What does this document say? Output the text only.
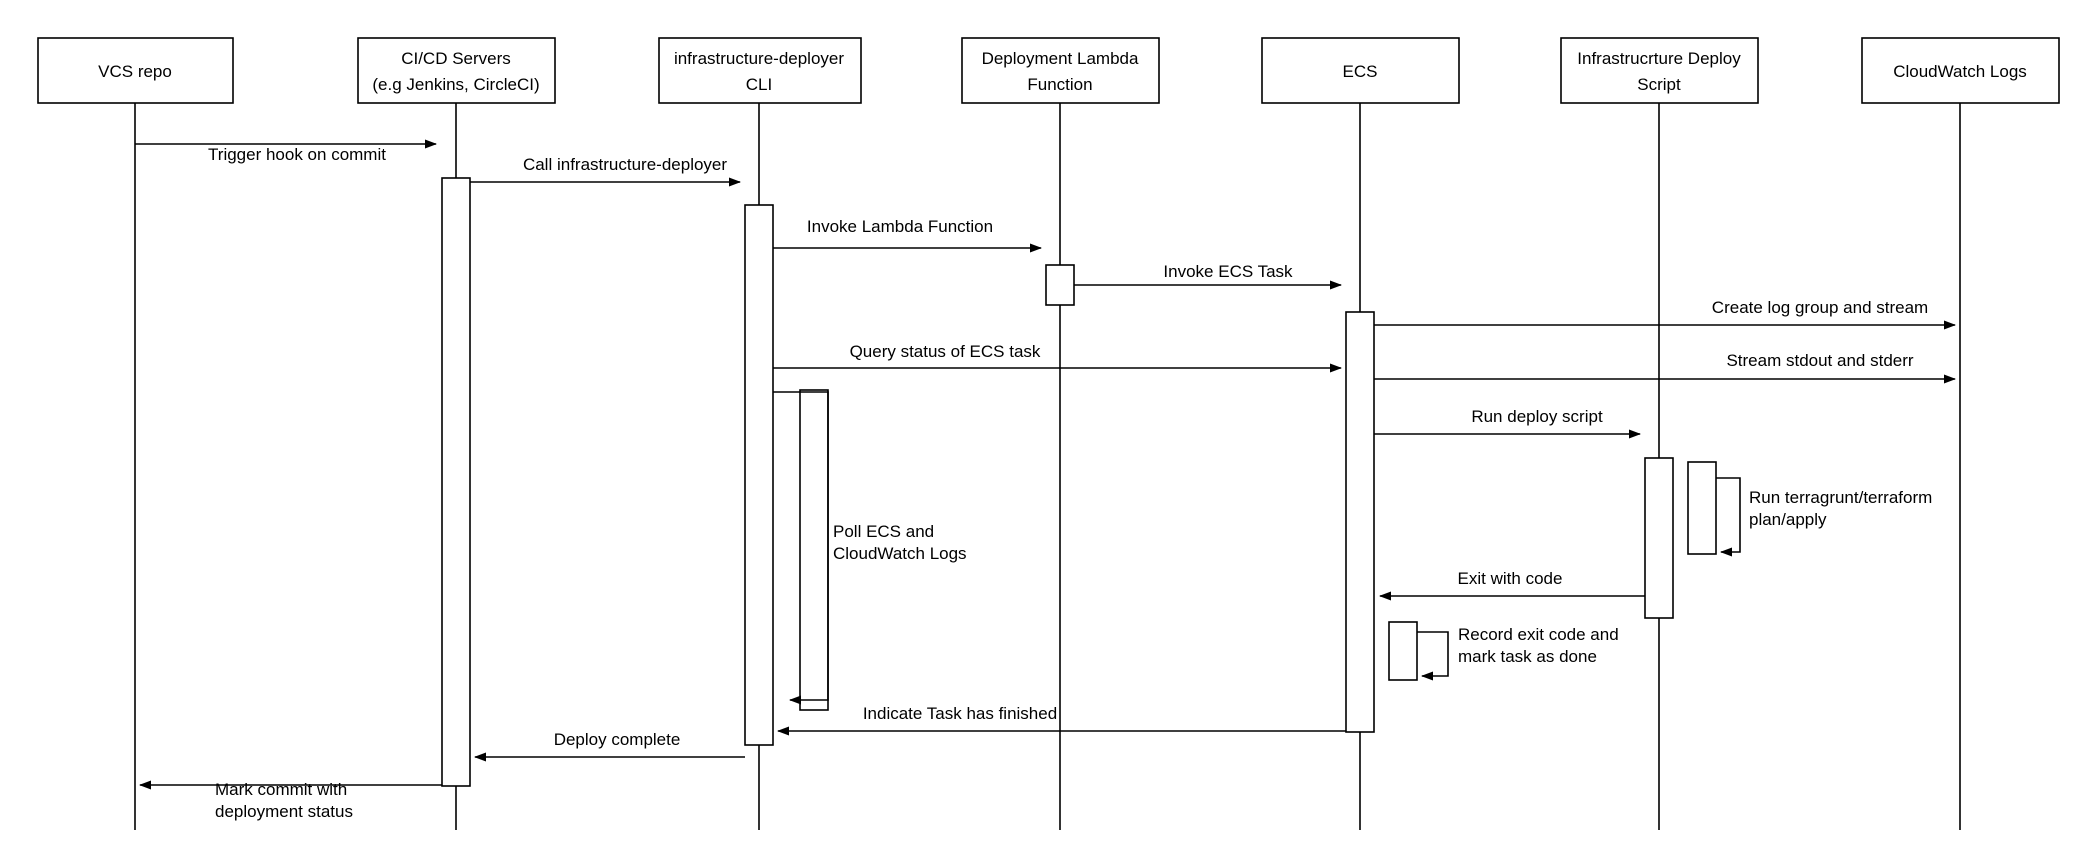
VCS repo
CI/CD Servers
(e.g Jenkins, CircleCI)
infrastructure-deployer
CLI
Deployment Lambda
Function
ECS
Infrastrucrture Deploy
Script
CloudWatch Logs
Trigger hook on commit
Call infrastructure-deployer
Invoke Lambda Function
Invoke ECS Task
Create log group and stream
Query status of ECS task	Stream stdout and stderr
Run deploy script
Run terragrunt/terraform
plan/apply
Poll ECS and
CloudWatch Logs
Exit with code
Record exit code and
mark task as done
Indicate Task has finished
Deploy complete
Mark commit with
deployment status
